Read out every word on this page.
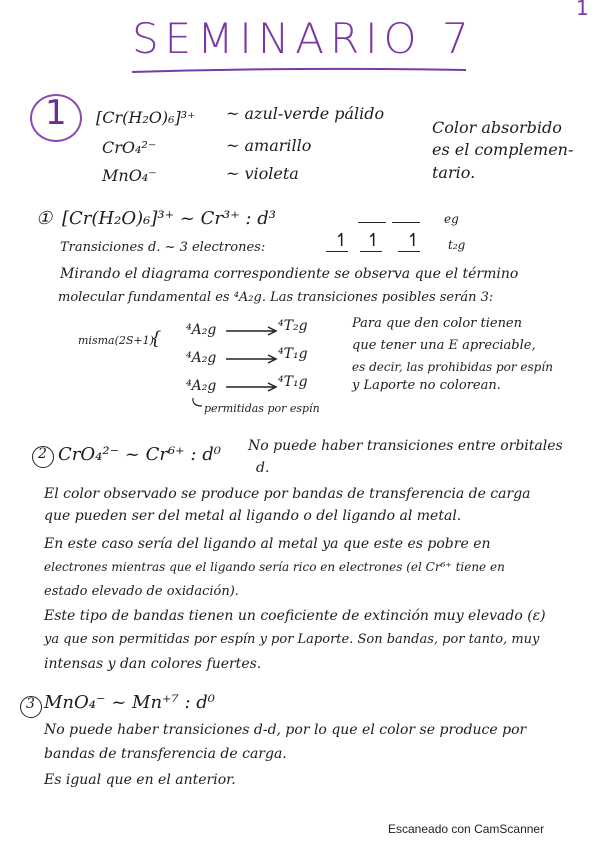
SEMINARIO 7
1
1 [Cr(H₂O)₆]³⁺ ~ azul-verde pálido
CrO₄²⁻	~ amarillo
MnO₄⁻	~ violeta
Color absorbido
es el complemen-
tario.
① [Cr(H₂O)₆]³⁺ ~ Cr³⁺ : d³	eg
↿ ↿ ↿ t₂g
Transiciones d. ~ 3 electrones:
Mirando el diagrama correspondiente se observa que el término
molecular fundamental es ⁴A₂g. Las transiciones posibles serán 3:
misma(2S+1)
{ ⁴A₂g	⁴T₂g
⁴A₂g	⁴T₁g
⁴A₂g	⁴T₁g
permitidas por espín
Para que den color tienen
que tener una E apreciable,
es decir, las prohibidas por espín
y Laporte no colorean.
2 CrO₄²⁻ ~ Cr⁶⁺ : d⁰ No puede haber transiciones entre orbitales
d.
El color observado se produce por bandas de transferencia de carga
que pueden ser del metal al ligando o del ligando al metal.
En este caso sería del ligando al metal ya que este es pobre en
electrones mientras que el ligando sería rico en electrones (el Cr⁶⁺ tiene en
estado elevado de oxidación).
Este tipo de bandas tienen un coeficiente de extinción muy elevado (ε)
ya que son permitidas por espín y por Laporte. Son bandas, por tanto, muy
intensas y dan colores fuertes.
3 MnO₄⁻ ~ Mn⁺⁷ : d⁰
No puede haber transiciones d-d, por lo que el color se produce por
bandas de transferencia de carga.
Es igual que en el anterior.
Escaneado con CamScanner
